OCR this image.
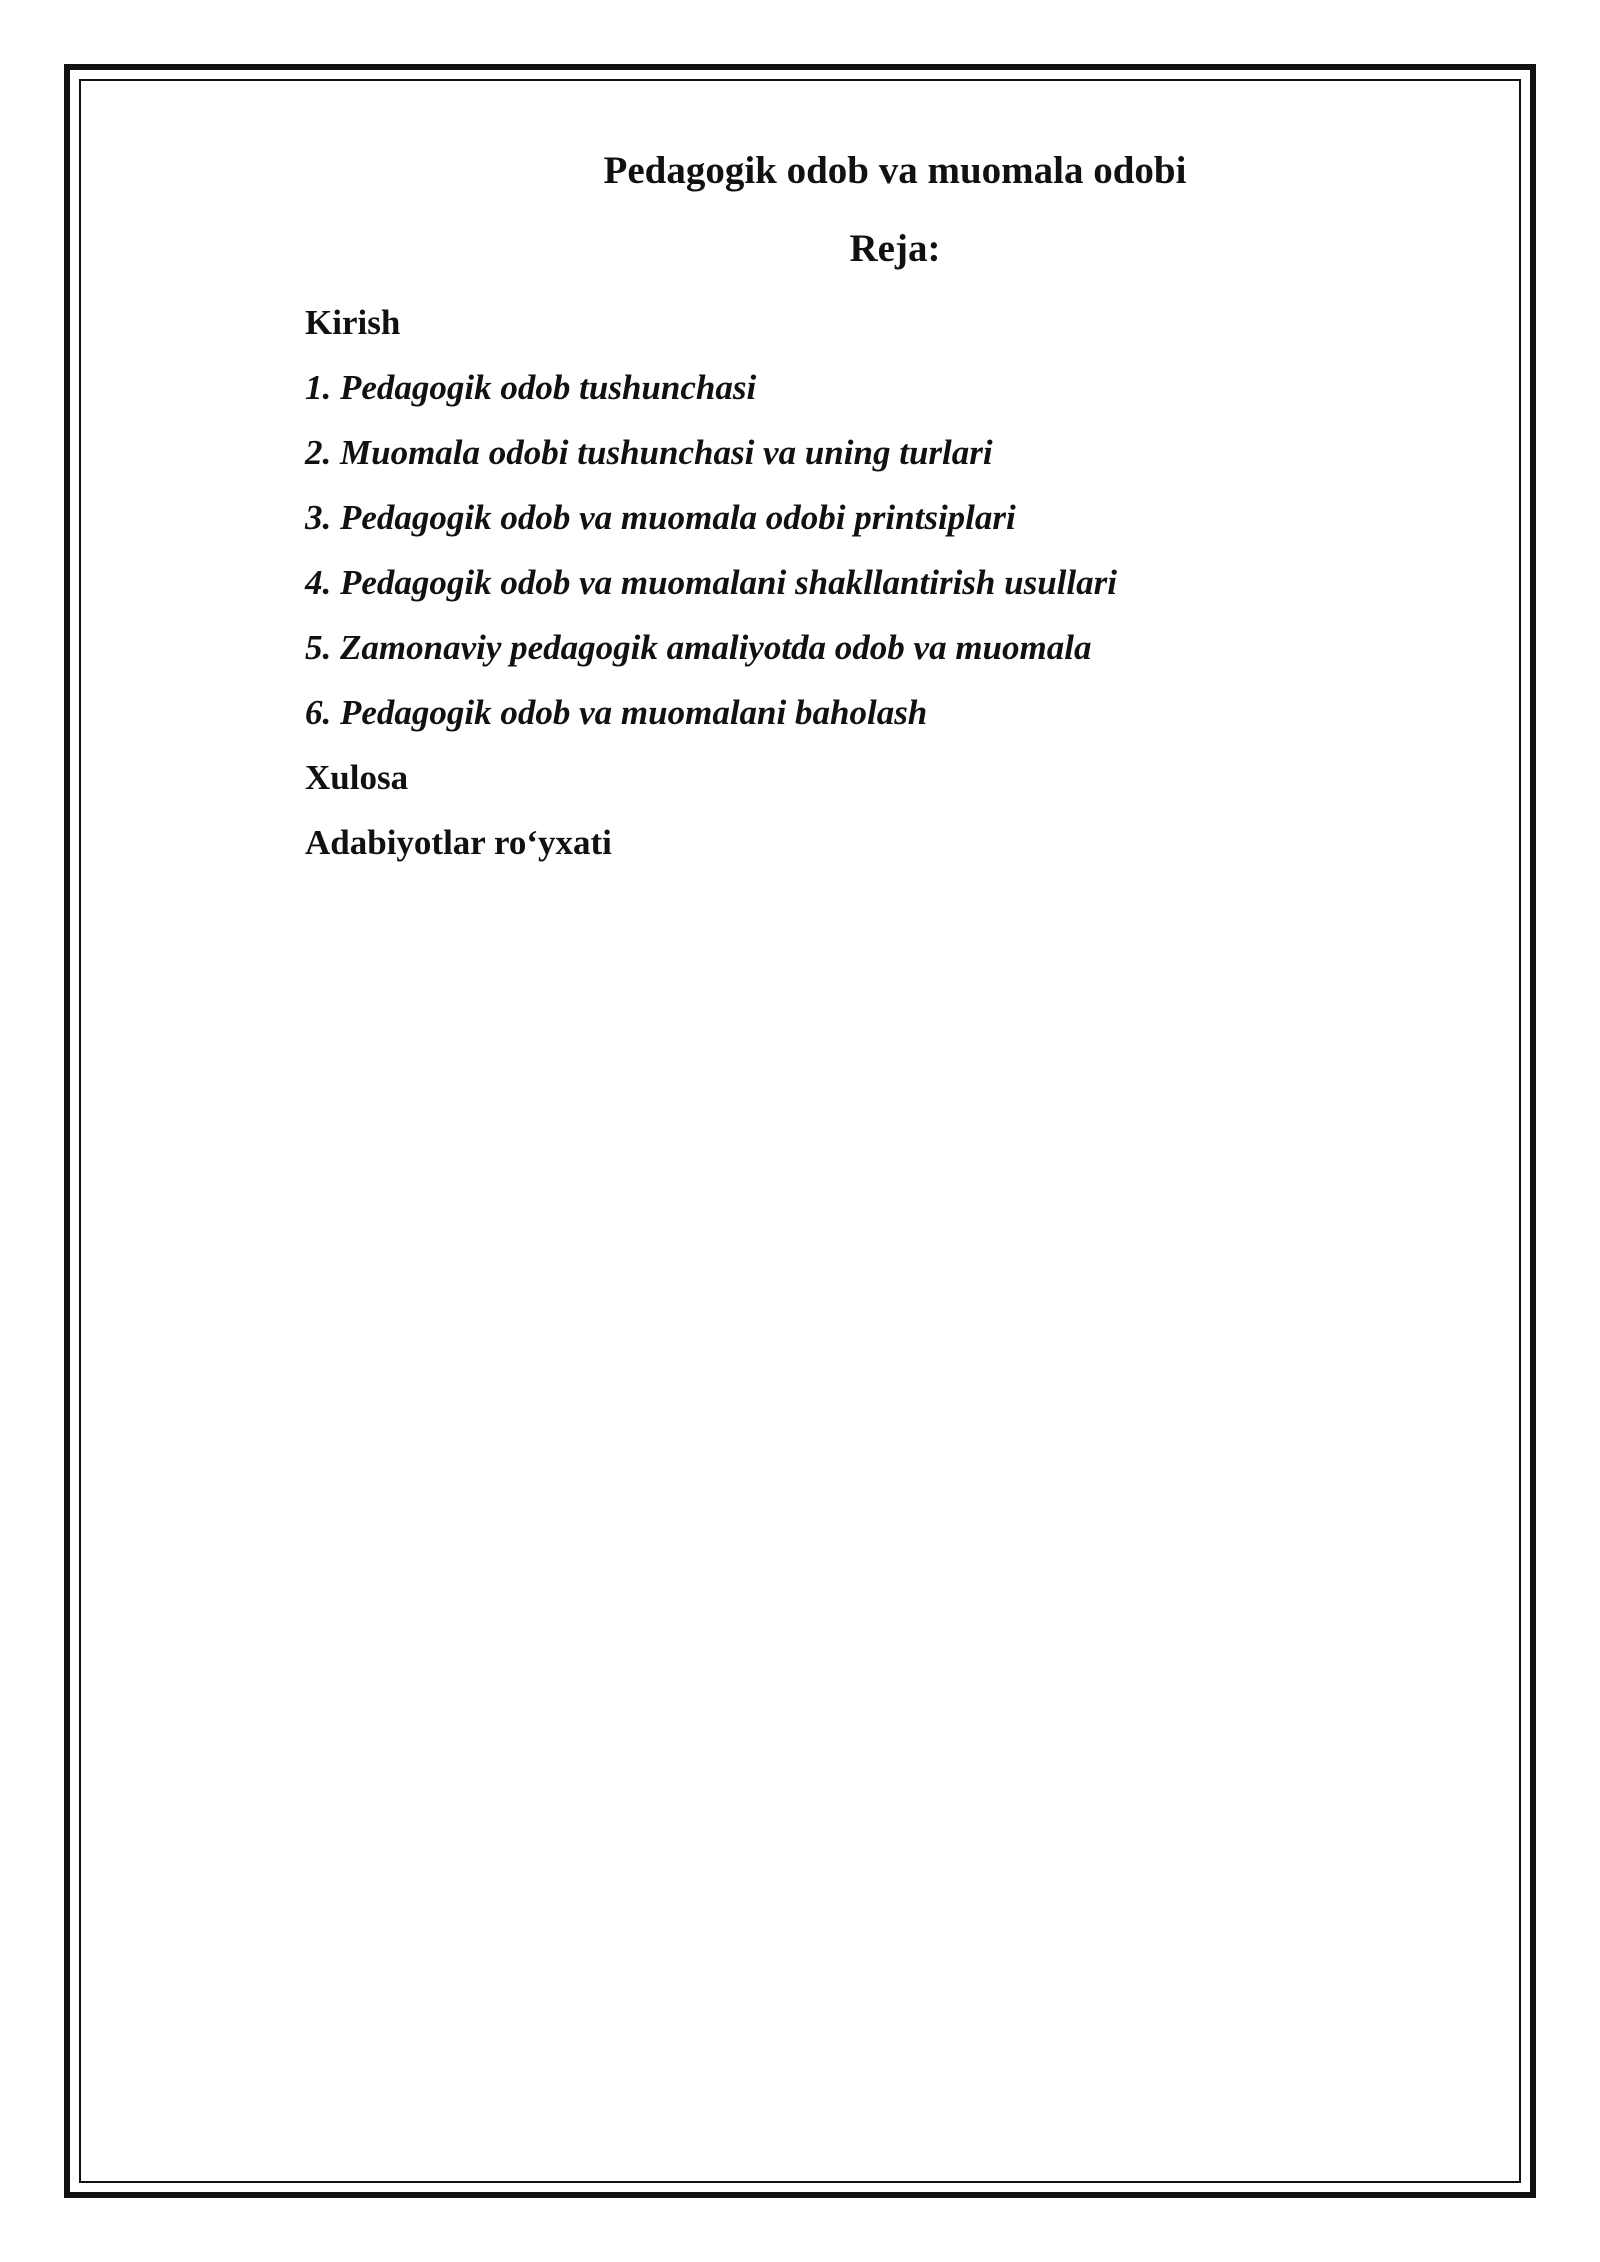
Pedagogik odob va muomala odobi
Reja:
Kirish
1. Pedagogik odob tushunchasi
2. Muomala odobi tushunchasi va uning turlari
3. Pedagogik odob va muomala odobi printsiplari
4. Pedagogik odob va muomalani shakllantirish usullari
5. Zamonaviy pedagogik amaliyotda odob va muomala
6. Pedagogik odob va muomalani baholash
Xulosa
Adabiyotlar ro‘yxati
